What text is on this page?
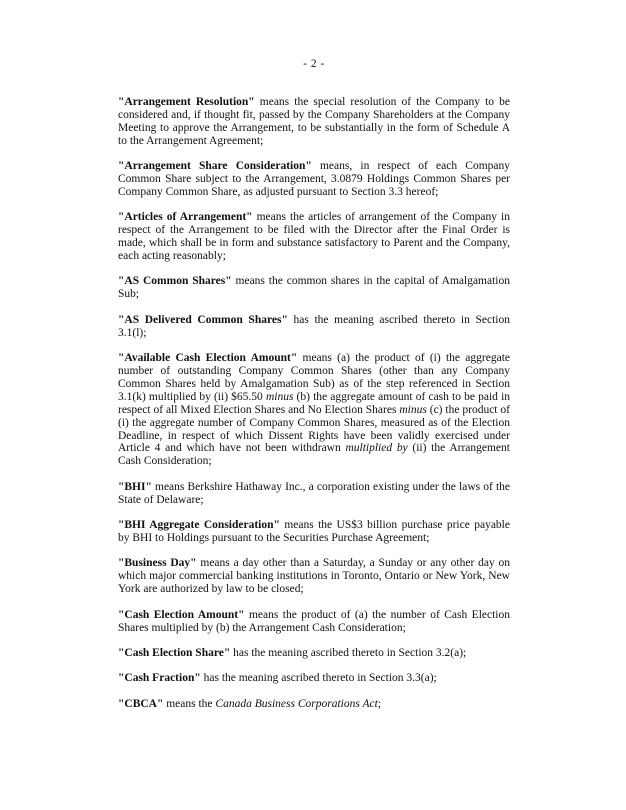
- 2 -

"Arrangement Resolution" means the special resolution of the Company to be considered and, if thought fit, passed by the Company Shareholders at the Company Meeting to approve the Arrangement, to be substantially in the form of Schedule A to the Arrangement Agreement;

"Arrangement Share Consideration" means, in respect of each Company Common Share subject to the Arrangement, 3.0879 Holdings Common Shares per Company Common Share, as adjusted pursuant to Section 3.3 hereof;

"Articles of Arrangement" means the articles of arrangement of the Company in respect of the Arrangement to be filed with the Director after the Final Order is made, which shall be in form and substance satisfactory to Parent and the Company, each acting reasonably;

"AS Common Shares" means the common shares in the capital of Amalgamation Sub;

"AS Delivered Common Shares" has the meaning ascribed thereto in Section 3.1(l);

"Available Cash Election Amount" means (a) the product of (i) the aggregate number of outstanding Company Common Shares (other than any Company Common Shares held by Amalgamation Sub) as of the step referenced in Section 3.1(k) multiplied by (ii) $65.50 minus (b) the aggregate amount of cash to be paid in respect of all Mixed Election Shares and No Election Shares minus (c) the product of (i) the aggregate number of Company Common Shares, measured as of the Election Deadline, in respect of which Dissent Rights have been validly exercised under Article 4 and which have not been withdrawn multiplied by (ii) the Arrangement Cash Consideration;

"BHI" means Berkshire Hathaway Inc., a corporation existing under the laws of the State of Delaware;

"BHI Aggregate Consideration" means the US$3 billion purchase price payable by BHI to Holdings pursuant to the Securities Purchase Agreement;

"Business Day" means a day other than a Saturday, a Sunday or any other day on which major commercial banking institutions in Toronto, Ontario or New York, New York are authorized by law to be closed;

"Cash Election Amount" means the product of (a) the number of Cash Election Shares multiplied by (b) the Arrangement Cash Consideration;

"Cash Election Share" has the meaning ascribed thereto in Section 3.2(a);

"Cash Fraction" has the meaning ascribed thereto in Section 3.3(a);

"CBCA" means the Canada Business Corporations Act;
